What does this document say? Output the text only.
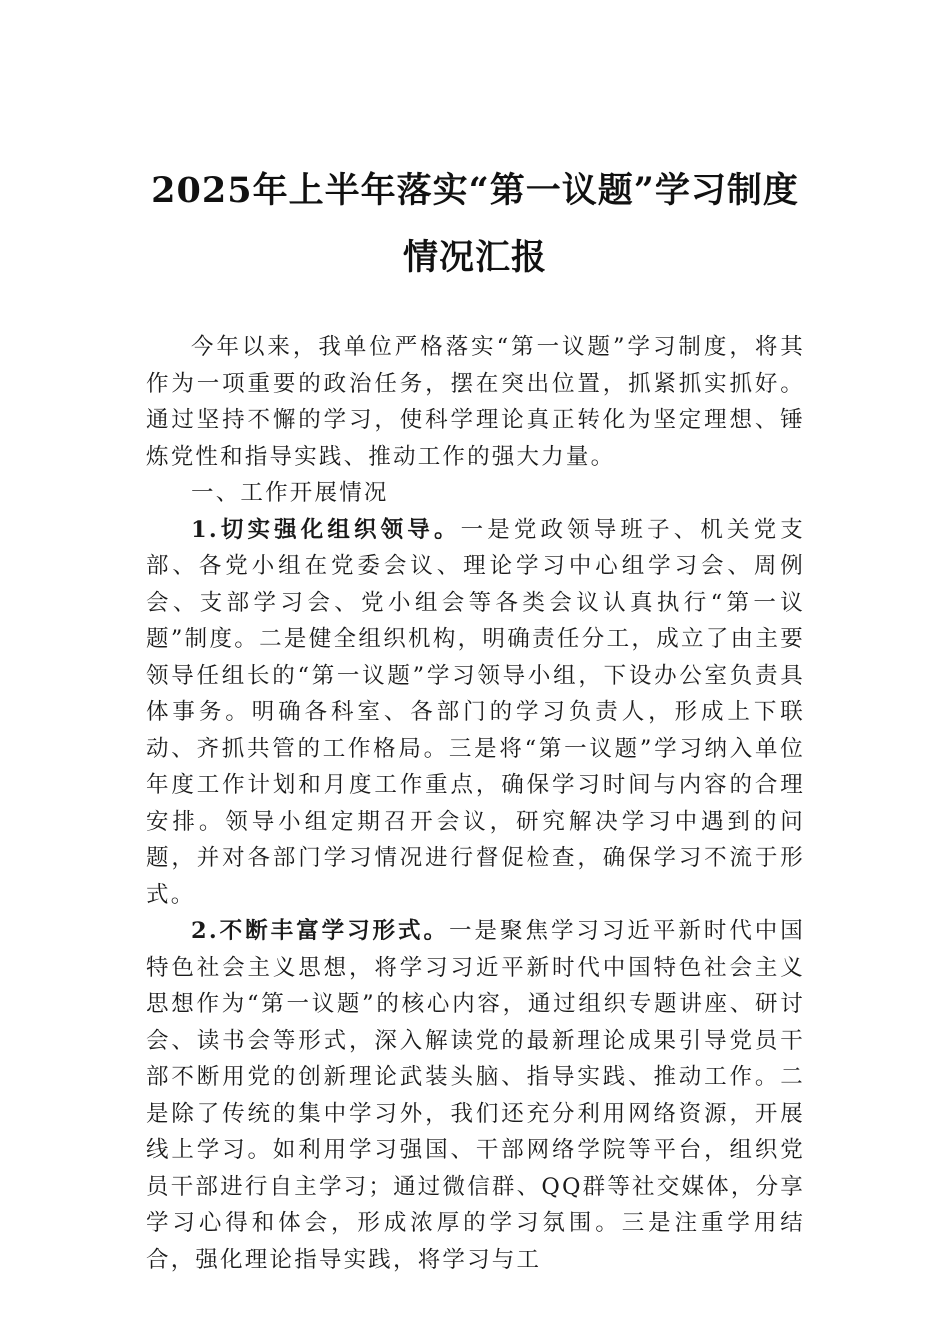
2025年上半年落实“第一议题”学习制度
情况汇报

今年以来，我单位严格落实“第一议题”学习制度，将其作为一项重要的政治任务，摆在突出位置，抓紧抓实抓好。通过坚持不懈的学习，使科学理论真正转化为坚定理想、锤炼党性和指导实践、推动工作的强大力量。

一、工作开展情况

1.切实强化组织领导。一是党政领导班子、机关党支部、各党小组在党委会议、理论学习中心组学习会、周例会、支部学习会、党小组会等各类会议认真执行“第一议题”制度。二是健全组织机构，明确责任分工，成立了由主要领导任组长的“第一议题”学习领导小组，下设办公室负责具体事务。明确各科室、各部门的学习负责人，形成上下联动、齐抓共管的工作格局。三是将“第一议题”学习纳入单位年度工作计划和月度工作重点，确保学习时间与内容的合理安排。领导小组定期召开会议，研究解决学习中遇到的问题，并对各部门学习情况进行督促检查，确保学习不流于形式。

2.不断丰富学习形式。一是聚焦学习习近平新时代中国特色社会主义思想，将学习习近平新时代中国特色社会主义思想作为“第一议题”的核心内容，通过组织专题讲座、研讨会、读书会等形式，深入解读党的最新理论成果引导党员干部不断用党的创新理论武装头脑、指导实践、推动工作。二是除了传统的集中学习外，我们还充分利用网络资源，开展线上学习。如利用学习强国、干部网络学院等平台，组织党员干部进行自主学习；通过微信群、QQ群等社交媒体，分享学习心得和体会，形成浓厚的学习氛围。三是注重学用结合，强化理论指导实践，将学习与工
